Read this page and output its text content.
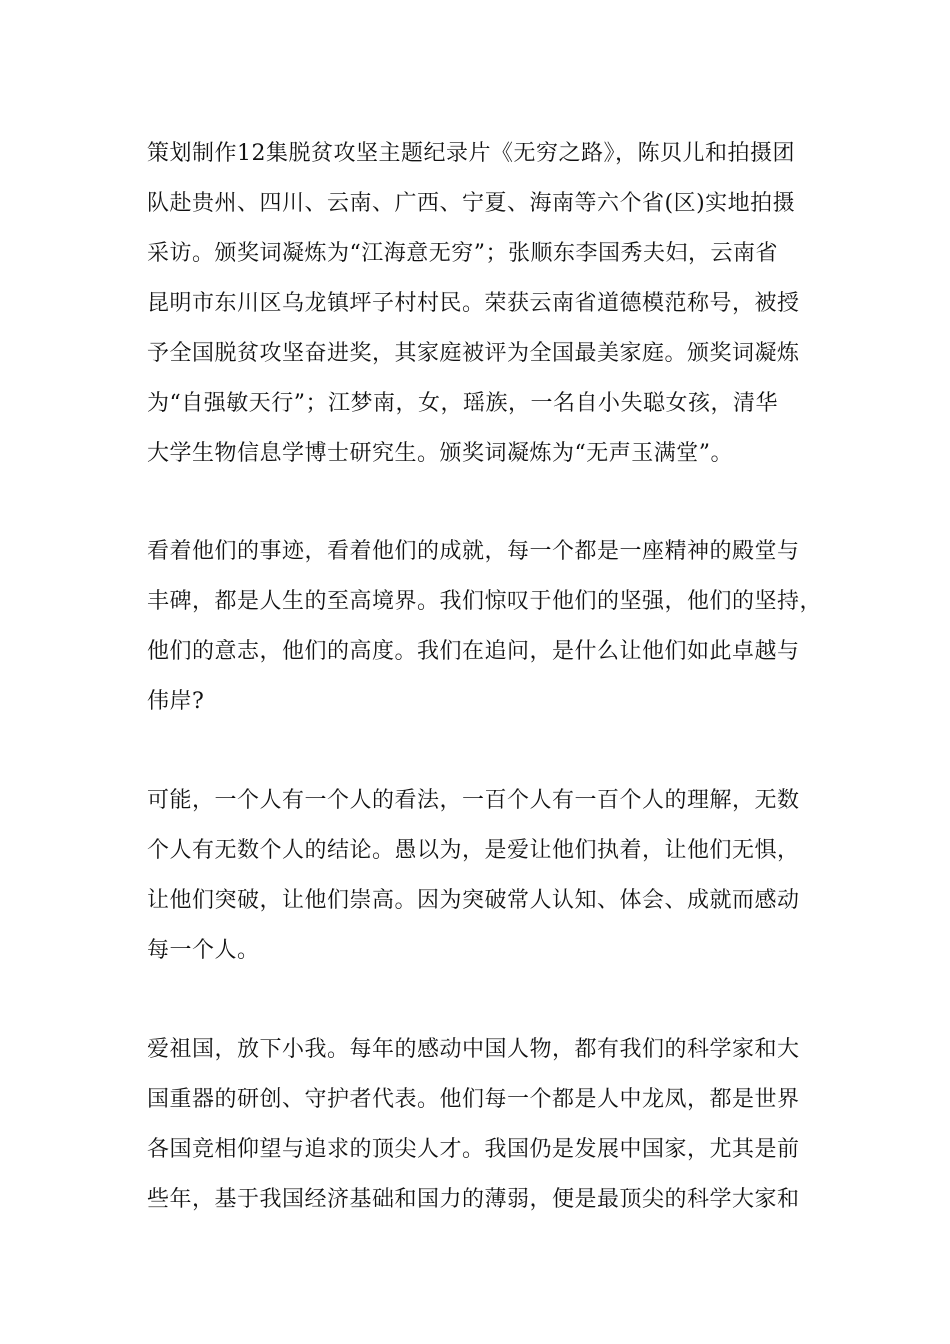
策划制作12集脱贫攻坚主题纪录片《无穷之路》，陈贝儿和拍摄团
队赴贵州、四川、云南、广西、宁夏、海南等六个省(区)实地拍摄
采访。颁奖词凝炼为“江海意无穷”；张顺东李国秀夫妇，云南省
昆明市东川区乌龙镇坪子村村民。荣获云南省道德模范称号，被授
予全国脱贫攻坚奋进奖，其家庭被评为全国最美家庭。颁奖词凝炼
为“自强敏天行”；江梦南，女，瑶族，一名自小失聪女孩，清华
大学生物信息学博士研究生。颁奖词凝炼为“无声玉满堂”。
看着他们的事迹，看着他们的成就，每一个都是一座精神的殿堂与
丰碑，都是人生的至高境界。我们惊叹于他们的坚强，他们的坚持，
他们的意志，他们的高度。我们在追问，是什么让他们如此卓越与
伟岸?
可能，一个人有一个人的看法，一百个人有一百个人的理解，无数
个人有无数个人的结论。愚以为，是爱让他们执着，让他们无惧，
让他们突破，让他们崇高。因为突破常人认知、体会、成就而感动
每一个人。
爱祖国，放下小我。每年的感动中国人物，都有我们的科学家和大
国重器的研创、守护者代表。他们每一个都是人中龙凤，都是世界
各国竞相仰望与追求的顶尖人才。我国仍是发展中国家，尤其是前
些年，基于我国经济基础和国力的薄弱，便是最顶尖的科学大家和
